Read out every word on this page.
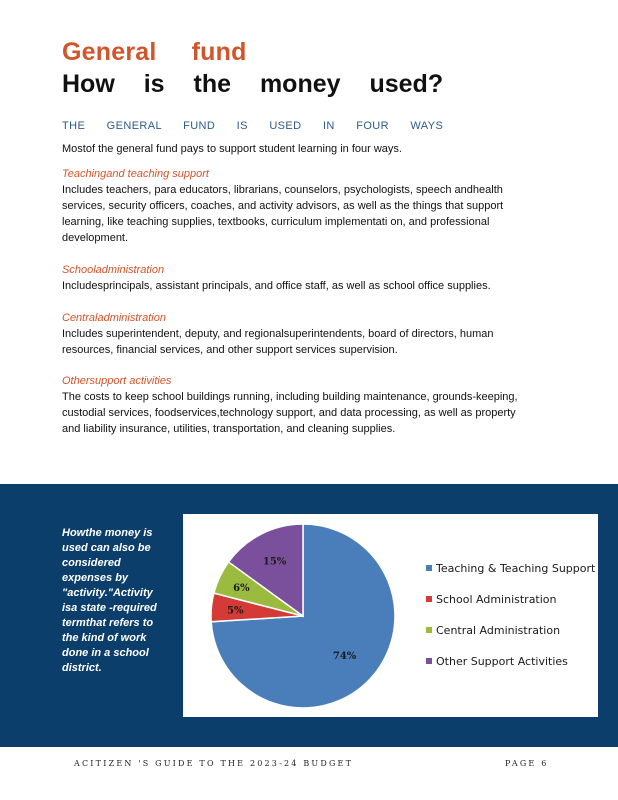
General fund
How is the money used?
THE GENERAL FUND IS USED IN FOUR WAYS
Mostof the general fund pays to support student learning in four ways.

Teachingand teaching support

Includes teachers, para educators, librarians, counselors, psychologists, speech andhealth services, security officers, coaches, and activity advisors, as well as the things that support learning, like teaching supplies, textbooks, curriculum implementati on, and professional development.

Schooladministration

Includesprincipals, assistant principals, and office staff, as well as school office supplies.

Centraladministration

Includes superintendent, deputy, and regionalsuperintendents, board of directors, human resources, financial services, and other support services supervision.

Othersupport activities

The costs to keep school buildings running, including building maintenance, grounds-keeping, custodial services, foodservices,technology support, and data processing, as well as property and liability insurance, utilities, transportation, and cleaning supplies.

Howthe money is used can also be considered expenses by "activity."Activity isa state -required termthat refers to the kind of work done in a school district.
74%
5%
6%
15%
Teaching & Teaching Support
School Administration
Central Administration
Other Support Activities
ACITIZEN 'S GUIDE TO THE 2023-24 BUDGET	PAGE 6
